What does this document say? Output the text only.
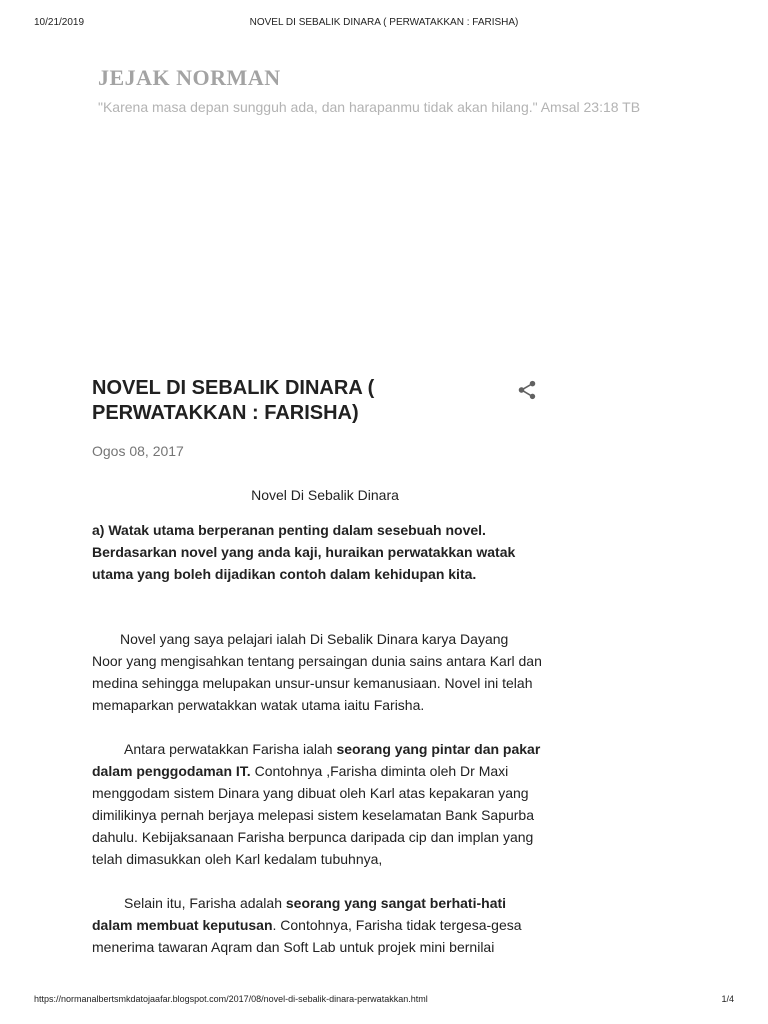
10/21/2019	NOVEL DI SEBALIK DINARA ( PERWATAKKAN : FARISHA)
JEJAK NORMAN

"Karena masa depan sungguh ada, dan harapanmu tidak akan hilang." Amsal 23:18 TB

NOVEL DI SEBALIK DINARA ( PERWATAKKAN : FARISHA)
Ogos 08, 2017

Novel Di Sebalik Dinara

a) Watak utama berperanan penting dalam sesebuah novel. Berdasarkan novel yang anda kaji, huraikan perwatakkan watak utama yang boleh dijadikan contoh dalam kehidupan kita.

Novel yang saya pelajari ialah Di Sebalik Dinara karya Dayang Noor yang mengisahkan tentang persaingan dunia sains antara Karl dan medina sehingga melupakan unsur-unsur kemanusiaan. Novel ini telah memaparkan perwatakkan watak utama iaitu Farisha.

Antara perwatakkan Farisha ialah seorang yang pintar dan pakar dalam penggodaman IT. Contohnya ,Farisha diminta oleh Dr Maxi menggodam sistem Dinara yang dibuat oleh Karl atas kepakaran yang dimilikinya pernah berjaya melepasi sistem keselamatan Bank Sapurba dahulu. Kebijaksanaan Farisha berpunca daripada cip dan implan yang telah dimasukkan oleh Karl kedalam tubuhnya,

Selain itu, Farisha adalah seorang yang sangat berhati-hati dalam membuat keputusan. Contohnya, Farisha tidak tergesa-gesa menerima tawaran Aqram dan Soft Lab untuk projek mini bernilai

https://normanalbertsmkdatojaafar.blogspot.com/2017/08/novel-di-sebalik-dinara-perwatakkan.html	1/4
